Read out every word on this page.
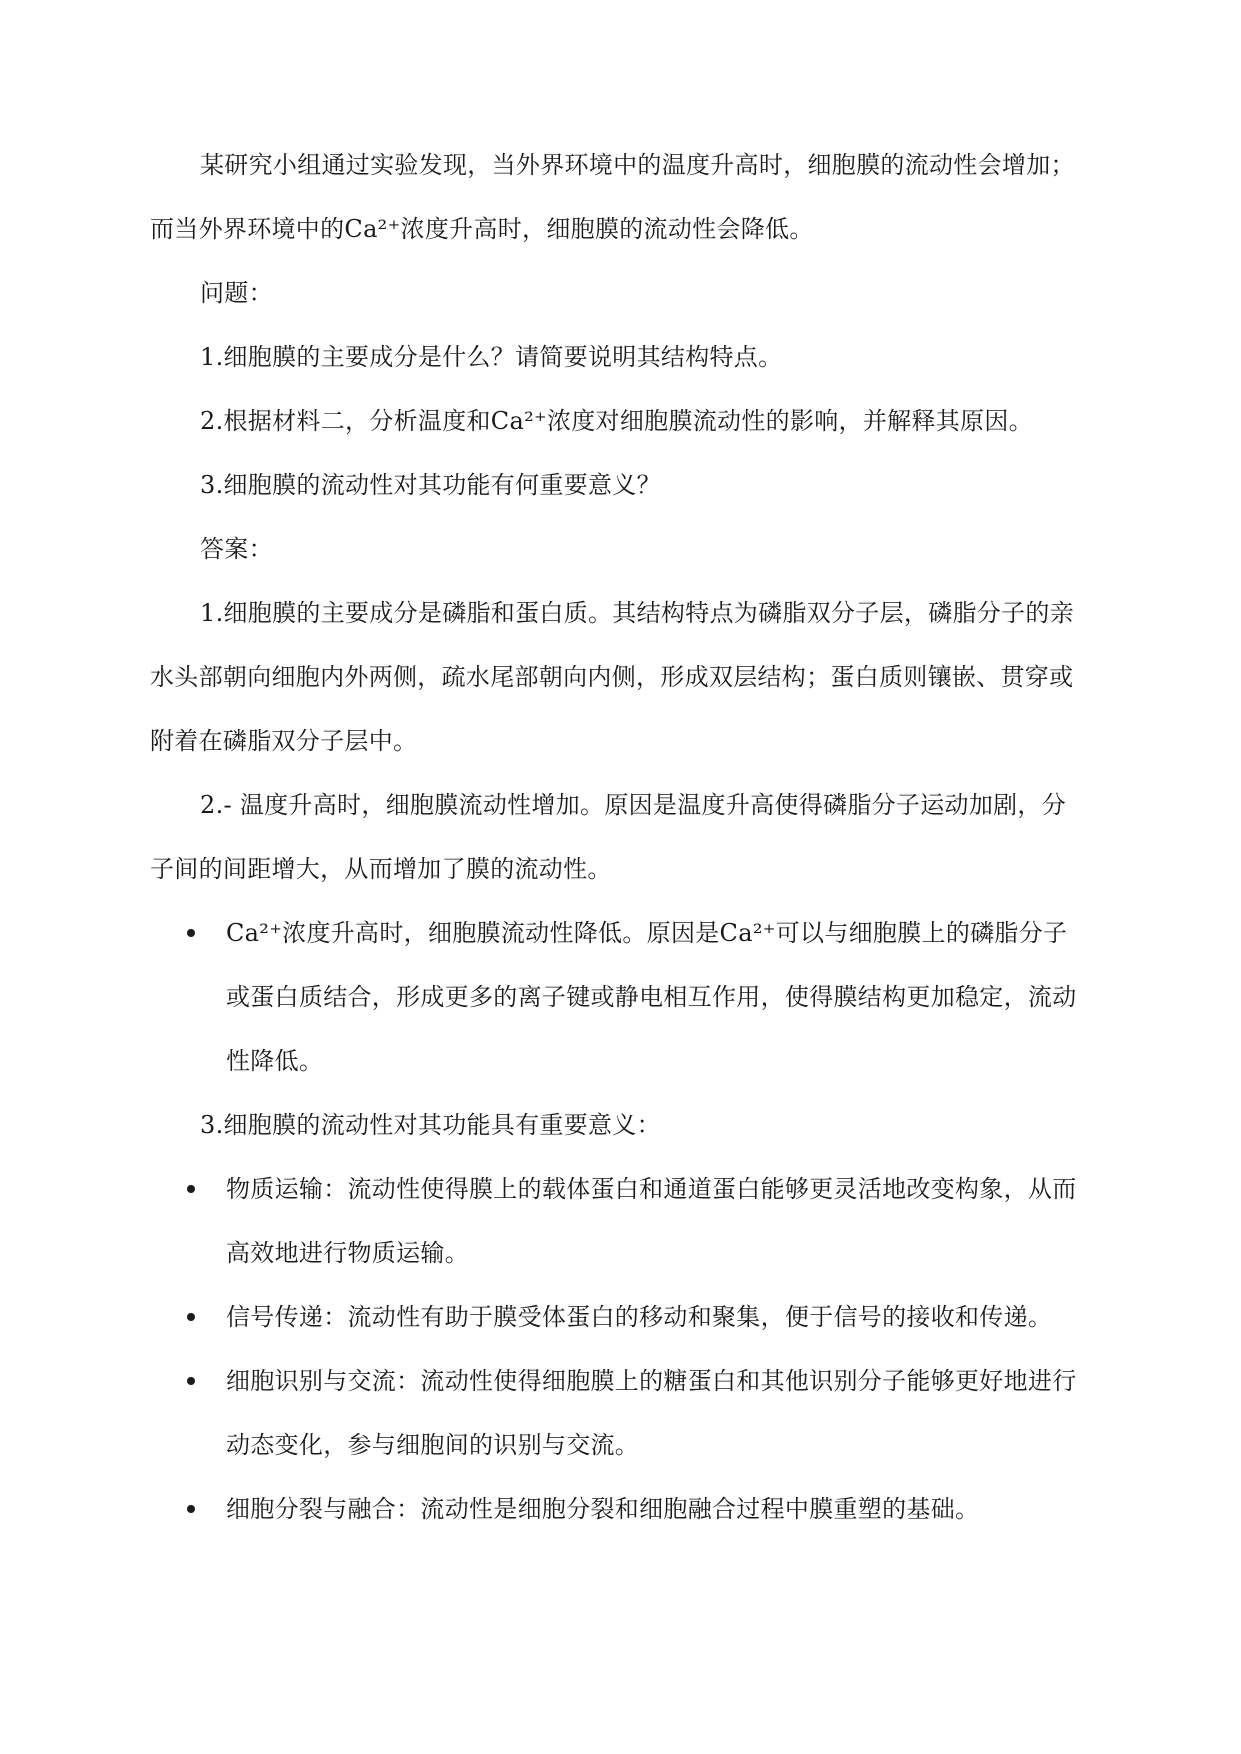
某研究小组通过实验发现，当外界环境中的温度升高时，细胞膜的流动性会增加；
而当外界环境中的Ca²⁺浓度升高时，细胞膜的流动性会降低。

问题：

1.细胞膜的主要成分是什么？请简要说明其结构特点。

2.根据材料二，分析温度和Ca²⁺浓度对细胞膜流动性的影响，并解释其原因。

3.细胞膜的流动性对其功能有何重要意义？

答案：

1.细胞膜的主要成分是磷脂和蛋白质。其结构特点为磷脂双分子层，磷脂分子的亲水头部朝向细胞内外两侧，疏水尾部朝向内侧，形成双层结构；蛋白质则镶嵌、贯穿或附着在磷脂双分子层中。

2.- 温度升高时，细胞膜流动性增加。原因是温度升高使得磷脂分子运动加剧，分子间的间距增大，从而增加了膜的流动性。

Ca²⁺浓度升高时，细胞膜流动性降低。原因是Ca²⁺可以与细胞膜上的磷脂分子或蛋白质结合，形成更多的离子键或静电相互作用，使得膜结构更加稳定，流动性降低。

3.细胞膜的流动性对其功能具有重要意义：

物质运输：流动性使得膜上的载体蛋白和通道蛋白能够更灵活地改变构象，从而高效地进行物质运输。
信号传递：流动性有助于膜受体蛋白的移动和聚集，便于信号的接收和传递。
细胞识别与交流：流动性使得细胞膜上的糖蛋白和其他识别分子能够更好地进行动态变化，参与细胞间的识别与交流。
细胞分裂与融合：流动性是细胞分裂和细胞融合过程中膜重塑的基础。
